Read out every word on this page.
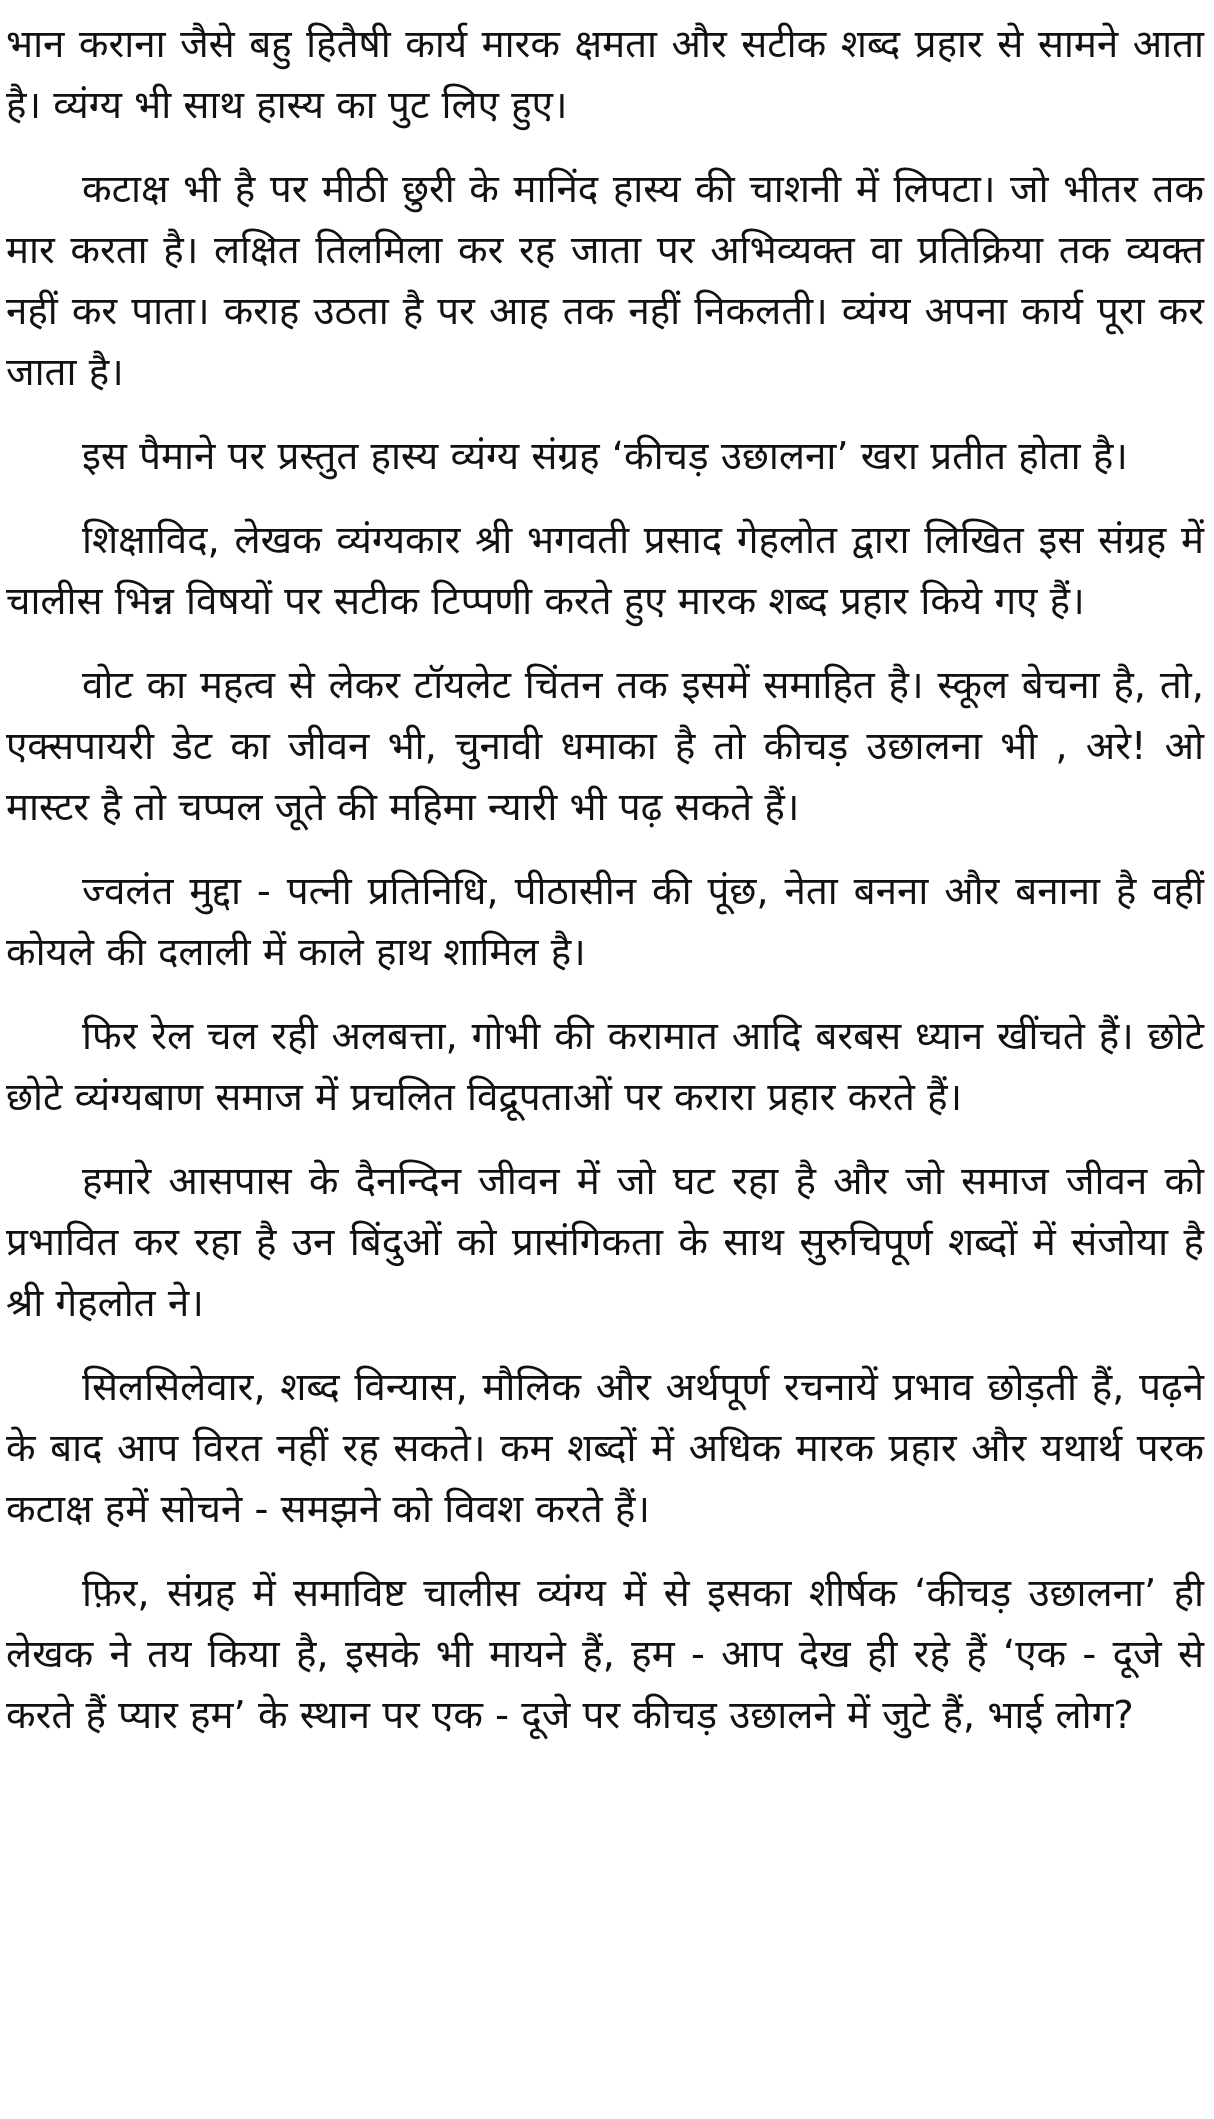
भान कराना जैसे बहु हितैषी कार्य मारक क्षमता और सटीक शब्द प्रहार से सामने आता है। व्यंग्य भी साथ हास्य का पुट लिए हुए।

कटाक्ष भी है पर मीठी छुरी के मानिंद हास्य की चाशनी में लिपटा। जो भीतर तक मार करता है। लक्षित तिलमिला कर रह जाता पर अभिव्यक्त वा प्रतिक्रिया तक व्यक्त नहीं कर पाता। कराह उठता है पर आह तक नहीं निकलती। व्यंग्य अपना कार्य पूरा कर जाता है।

इस पैमाने पर प्रस्तुत हास्य व्यंग्य संग्रह ‘कीचड़ उछालना’ खरा प्रतीत होता है।

शिक्षाविद, लेखक व्यंग्यकार श्री भगवती प्रसाद गेहलोत द्वारा लिखित इस संग्रह में चालीस भिन्न विषयों पर सटीक टिप्पणी करते हुए मारक शब्द प्रहार किये गए हैं।

वोट का महत्व से लेकर टॉयलेट चिंतन तक इसमें समाहित है। स्कूल बेचना है, तो, एक्सपायरी डेट का जीवन भी, चुनावी धमाका है तो कीचड़ उछालना भी , अरे! ओ मास्टर है तो चप्पल जूते की महिमा न्यारी भी पढ़ सकते हैं।

ज्वलंत मुद्दा - पत्नी प्रतिनिधि, पीठासीन की पूंछ, नेता बनना और बनाना है वहीं कोयले की दलाली में काले हाथ शामिल है।

फिर रेल चल रही अलबत्ता, गोभी की करामात आदि बरबस ध्यान खींचते हैं। छोटे छोटे व्यंग्यबाण समाज में प्रचलित विद्रूपताओं पर करारा प्रहार करते हैं।

हमारे आसपास के दैनन्दिन जीवन में जो घट रहा है और जो समाज जीवन को प्रभावित कर रहा है उन बिंदुओं को प्रासंगिकता के साथ सुरुचिपूर्ण शब्दों में संजोया है श्री गेहलोत ने।

सिलसिलेवार, शब्द विन्यास, मौलिक और अर्थपूर्ण रचनायें प्रभाव छोड़ती हैं, पढ़ने के बाद आप विरत नहीं रह सकते। कम शब्दों में अधिक मारक प्रहार और यथार्थ परक कटाक्ष हमें सोचने - समझने को विवश करते हैं।

फ़िर, संग्रह में समाविष्ट चालीस व्यंग्य में से इसका शीर्षक ‘कीचड़ उछालना’ ही लेखक ने तय किया है, इसके भी मायने हैं, हम - आप देख ही रहे हैं ‘एक - दूजे से करते हैं प्यार हम’ के स्थान पर एक - दूजे पर कीचड़ उछालने में जुटे हैं, भाई लोग?
